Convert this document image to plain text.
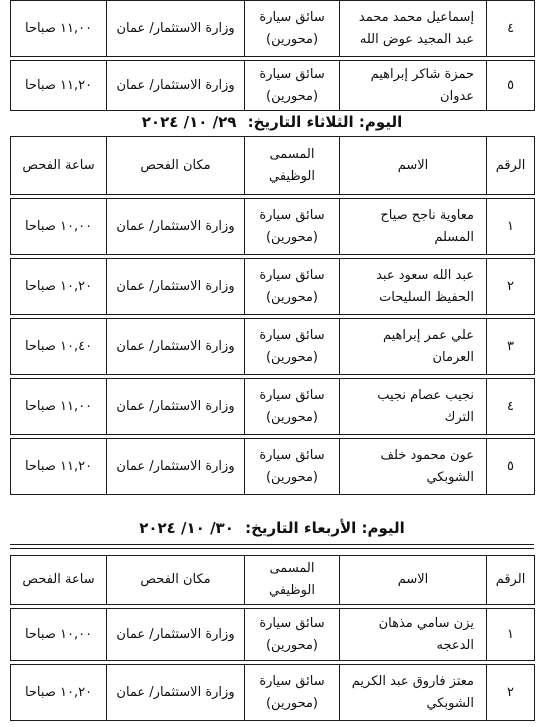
٤	إسماعيل محمد محمد عبد المجيد عوض الله	سائق سيارة (محورين)	وزارة الاستثمار/ عمان	١١,٠٠ صباحا

٥	حمزة شاكر إبراهيم عدوان	سائق سيارة (محورين)	وزارة الاستثمار/ عمان	١١,٢٠ صباحا
اليوم: الثلاثاء التاريخ: ٢٩/ ١٠/ ٢٠٢٤
الرقم	الاسم	المسمى الوظيفي	مكان الفحص	ساعة الفحص

١	معاوية ناجح صياح المسلم	سائق سيارة (محورين)	وزارة الاستثمار/ عمان	١٠,٠٠ صباحا

٢	عبد الله سعود عبد الحفيظ السليحات	سائق سيارة (محورين)	وزارة الاستثمار/ عمان	١٠,٢٠ صباحا

٣	علي عمر إبراهيم العرمان	سائق سيارة (محورين)	وزارة الاستثمار/ عمان	١٠,٤٠ صباحا

٤	نجيب عصام نجيب الترك	سائق سيارة (محورين)	وزارة الاستثمار/ عمان	١١,٠٠ صباحا

٥	عون محمود خلف الشوبكي	سائق سيارة (محورين)	وزارة الاستثمار/ عمان	١١,٢٠ صباحا
اليوم: الأربعاء التاريخ: ٣٠/ ١٠/ ٢٠٢٤
الرقم	الاسم	المسمى الوظيفي	مكان الفحص	ساعة الفحص

١	يزن سامي مذهان الدعجه	سائق سيارة (محورين)	وزارة الاستثمار/ عمان	١٠,٠٠ صباحا

٢	معتز فاروق عبد الكريم الشوبكي	سائق سيارة (محورين)	وزارة الاستثمار/ عمان	١٠,٢٠ صباحا
